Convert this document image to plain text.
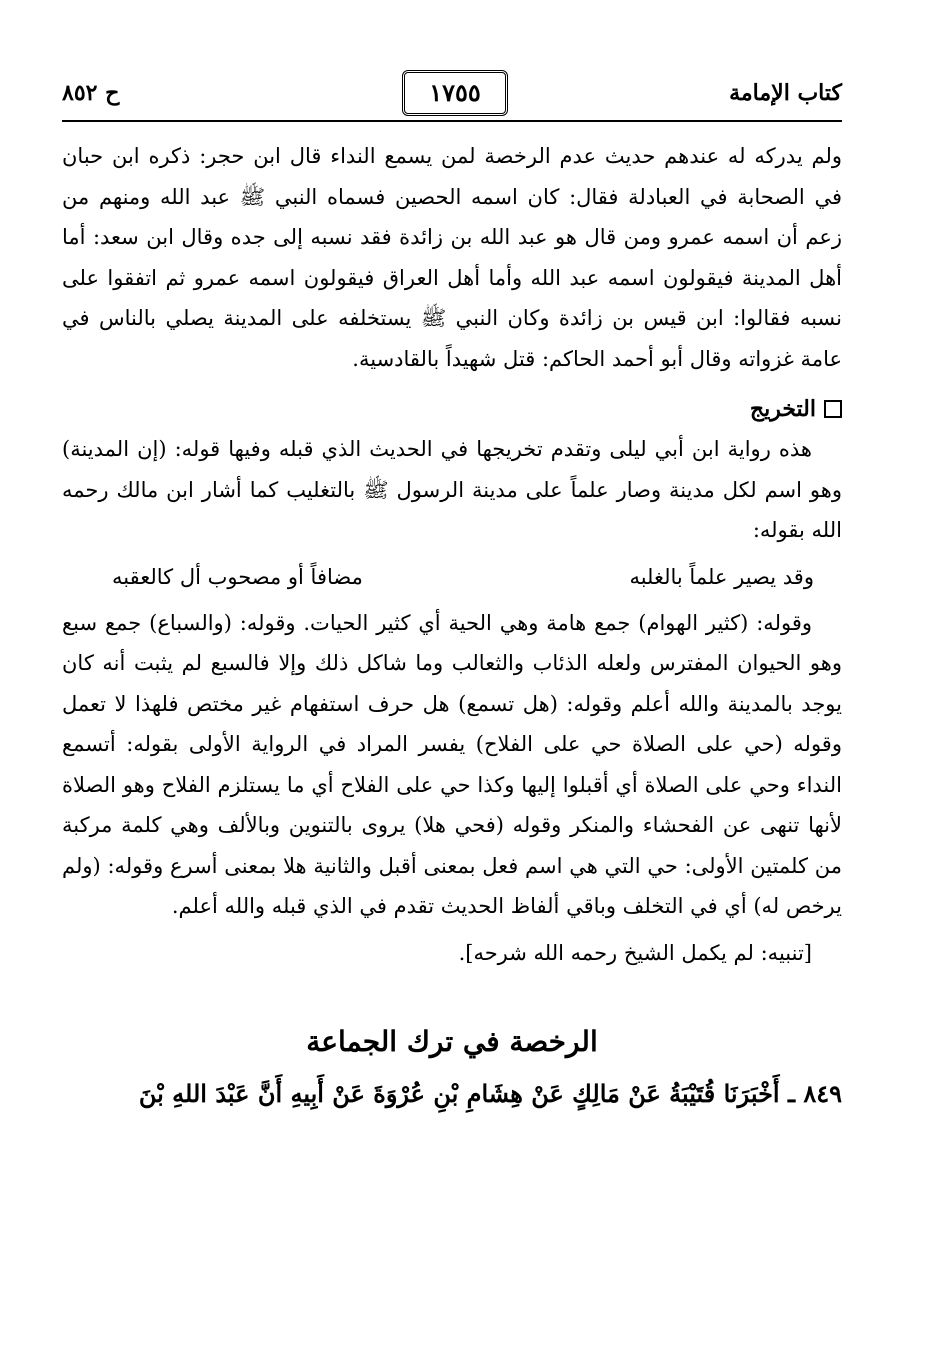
كتاب الإمامة
١٧٥٥
ح ٨٥٢

ولم يدركه له عندهم حديث عدم الرخصة لمن يسمع النداء قال ابن حجر: ذكره ابن حبان في الصحابة في العبادلة فقال: كان اسمه الحصين فسماه النبي ﷺ عبد الله ومنهم من زعم أن اسمه عمرو ومن قال هو عبد الله بن زائدة فقد نسبه إلى جده وقال ابن سعد: أما أهل المدينة فيقولون اسمه عبد الله وأما أهل العراق فيقولون اسمه عمرو ثم اتفقوا على نسبه فقالوا: ابن قيس بن زائدة وكان النبي ﷺ يستخلفه على المدينة يصلي بالناس في عامة غزواته وقال أبو أحمد الحاكم: قتل شهيداً بالقادسية.

التخريج

هذه رواية ابن أبي ليلى وتقدم تخريجها في الحديث الذي قبله وفيها قوله: (إن المدينة) وهو اسم لكل مدينة وصار علماً على مدينة الرسول ﷺ بالتغليب كما أشار ابن مالك رحمه الله بقوله:

وقد يصير علماً بالغلبه
مضافاً أو مصحوب أل كالعقبه

وقوله: (كثير الهوام) جمع هامة وهي الحية أي كثير الحيات. وقوله: (والسباع) جمع سبع وهو الحيوان المفترس ولعله الذئاب والثعالب وما شاكل ذلك وإلا فالسبع لم يثبت أنه كان يوجد بالمدينة والله أعلم وقوله: (هل تسمع) هل حرف استفهام غير مختص فلهذا لا تعمل وقوله (حي على الصلاة حي على الفلاح) يفسر المراد في الرواية الأولى بقوله: أتسمع النداء وحي على الصلاة أي أقبلوا إليها وكذا حي على الفلاح أي ما يستلزم الفلاح وهو الصلاة لأنها تنهى عن الفحشاء والمنكر وقوله (فحي هلا) يروى بالتنوين وبالألف وهي كلمة مركبة من كلمتين الأولى: حي التي هي اسم فعل بمعنى أقبل والثانية هلا بمعنى أسرع وقوله: (ولم يرخص له) أي في التخلف وباقي ألفاظ الحديث تقدم في الذي قبله والله أعلم.

[تنبيه: لم يكمل الشيخ رحمه الله شرحه].

الرخصة في ترك الجماعة

٨٤٩ ـ أَخْبَرَنَا قُتَيْبَةُ عَنْ مَالِكٍ عَنْ هِشَامِ بْنِ عُرْوَةَ عَنْ أَبِيهِ أَنَّ عَبْدَ اللهِ بْنَ
